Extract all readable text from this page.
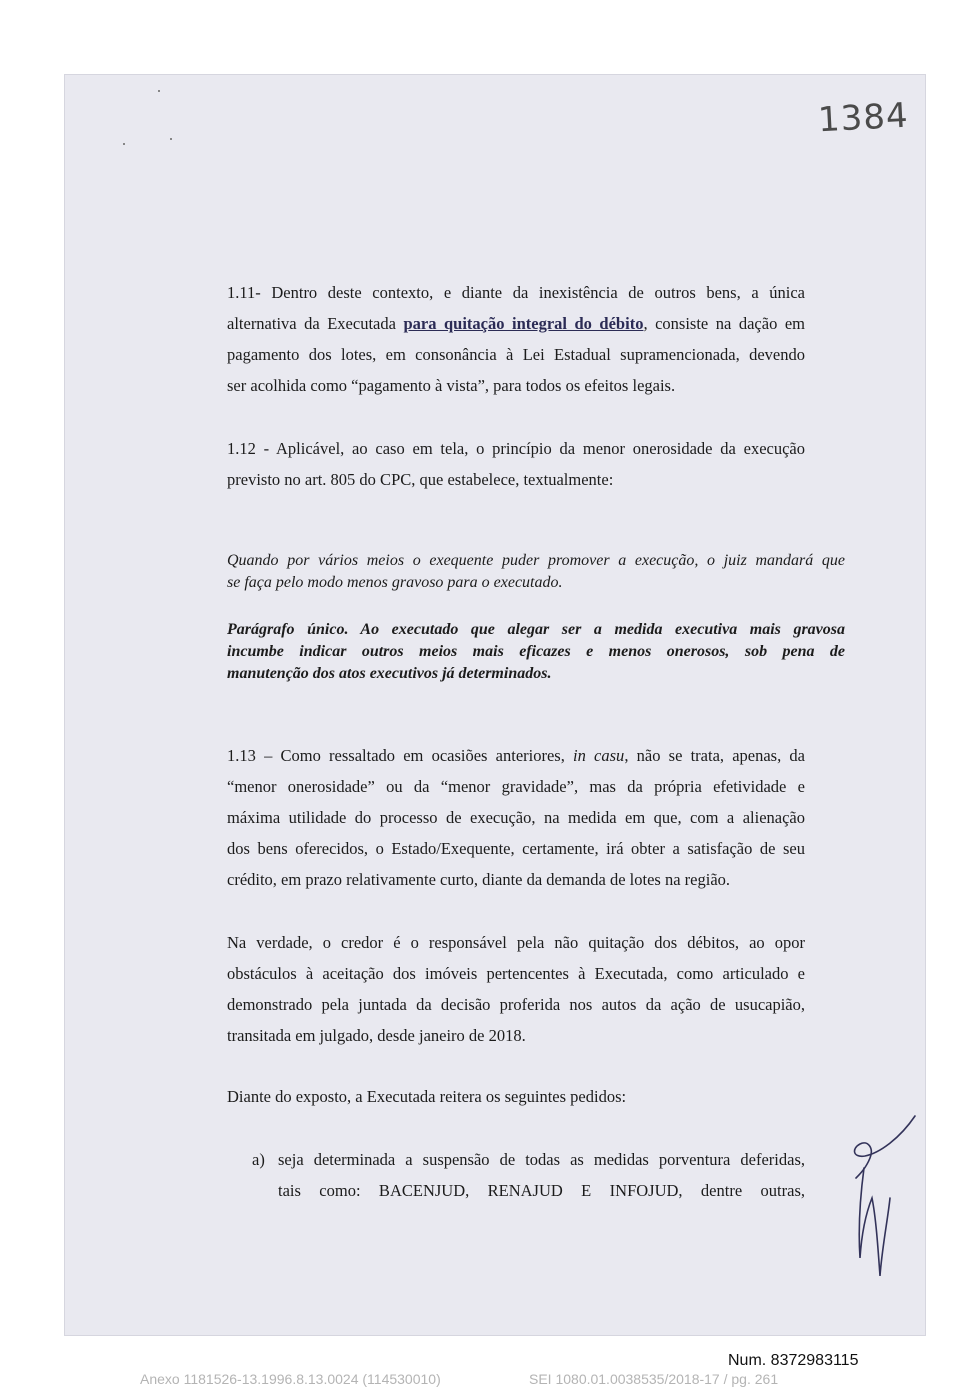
1384
1.11- Dentro deste contexto, e diante da inexistência de outros bens, a única
alternativa da Executada para quitação integral do débito, consiste na dação em
pagamento dos lotes, em consonância à Lei Estadual supramencionada, devendo
ser acolhida como “pagamento à vista”, para todos os efeitos legais.
1.12 - Aplicável, ao caso em tela, o princípio da menor onerosidade da execução
previsto no art. 805 do CPC, que estabelece, textualmente:
Quando por vários meios o exequente puder promover a execução, o juiz mandará que
se faça pelo modo menos gravoso para o executado.
Parágrafo único. Ao executado que alegar ser a medida executiva mais gravosa
incumbe indicar outros meios mais eficazes e menos onerosos, sob pena de
manutenção dos atos executivos já determinados.
1.13 – Como ressaltado em ocasiões anteriores, in casu, não se trata, apenas, da
“menor onerosidade” ou da “menor gravidade”, mas da própria efetividade e
máxima utilidade do processo de execução, na medida em que, com a alienação
dos bens oferecidos, o Estado/Exequente, certamente, irá obter a satisfação de seu
crédito, em prazo relativamente curto, diante da demanda de lotes na região.
Na verdade, o credor é o responsável pela não quitação dos débitos, ao opor
obstáculos à aceitação dos imóveis pertencentes à Executada, como articulado e
demonstrado pela juntada da decisão proferida nos autos da ação de usucapião,
transitada em julgado, desde janeiro de 2018.
Diante do exposto, a Executada reitera os seguintes pedidos:
a) seja determinada a suspensão de todas as medidas porventura deferidas,
tais como: BACENJUD, RENAJUD E INFOJUD, dentre outras,
Num. 8372983115
Anexo 1181526-13.1996.8.13.0024 (114530010)	SEI 1080.01.0038535/2018-17 / pg. 261
